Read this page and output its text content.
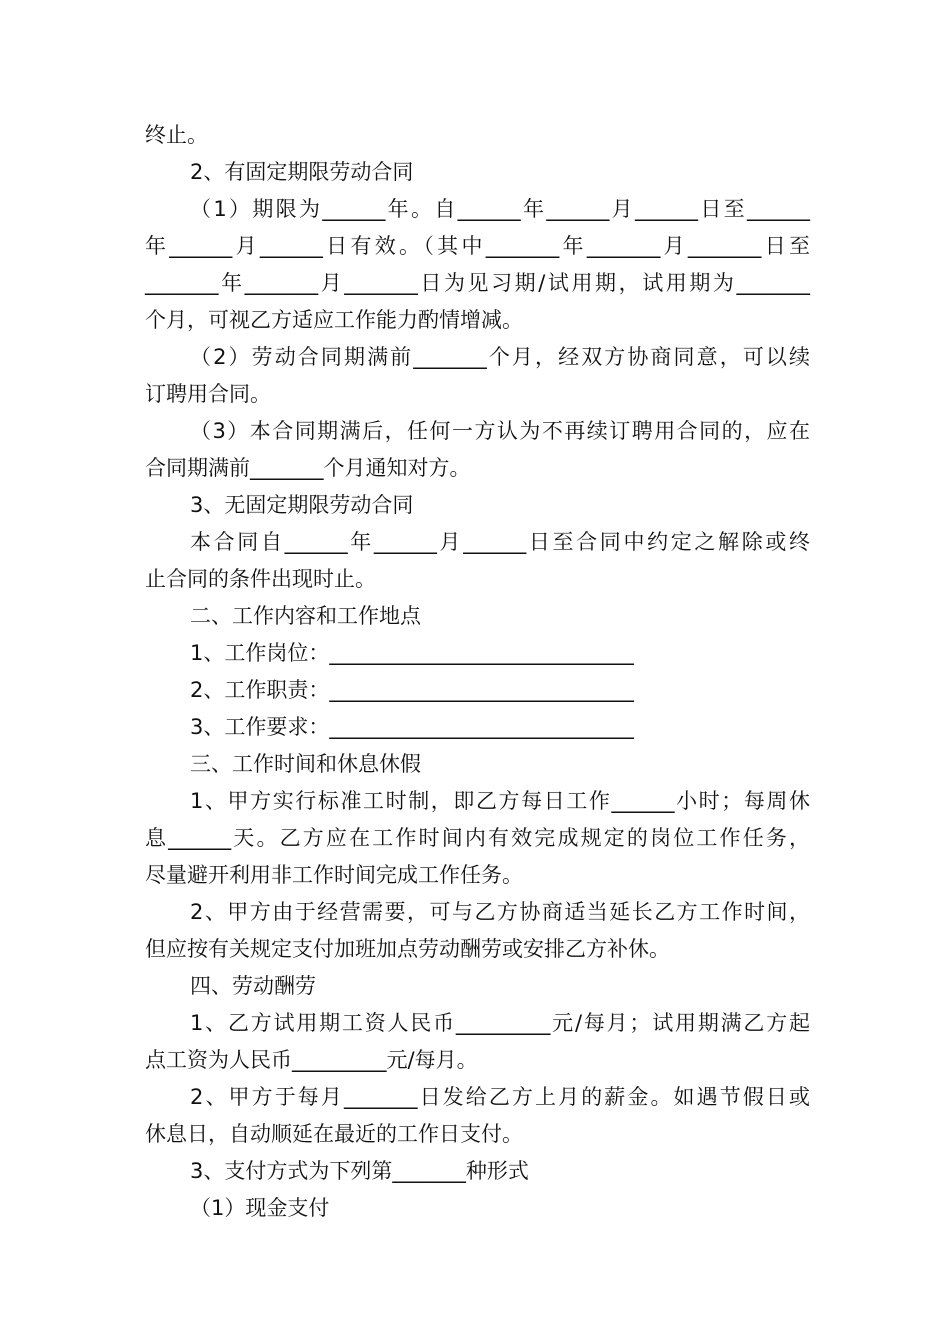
终止。
2、有固定期限劳动合同
（1）期限为______年。自______年______月______日至______
年______月______日有效。（其中_______年_______月_______日至
_______年_______月_______日为见习期/试用期，试用期为_______
个月，可视乙方适应工作能力酌情增减。
（2）劳动合同期满前_______个月，经双方协商同意，可以续
订聘用合同。
（3）本合同期满后，任何一方认为不再续订聘用合同的，应在
合同期满前_______个月通知对方。
3、无固定期限劳动合同
本合同自______年______月______日至合同中约定之解除或终
止合同的条件出现时止。
二、工作内容和工作地点
1、工作岗位：_____________________________
2、工作职责：_____________________________
3、工作要求：_____________________________
三、工作时间和休息休假
1、甲方实行标准工时制，即乙方每日工作______小时；每周休
息______天。乙方应在工作时间内有效完成规定的岗位工作任务，
尽量避开利用非工作时间完成工作任务。
2、甲方由于经营需要，可与乙方协商适当延长乙方工作时间，
但应按有关规定支付加班加点劳动酬劳或安排乙方补休。
四、劳动酬劳
1、乙方试用期工资人民币_________元/每月；试用期满乙方起
点工资为人民币_________元/每月。
2、甲方于每月_______日发给乙方上月的薪金。如遇节假日或
休息日，自动顺延在最近的工作日支付。
3、支付方式为下列第_______种形式
（1）现金支付
